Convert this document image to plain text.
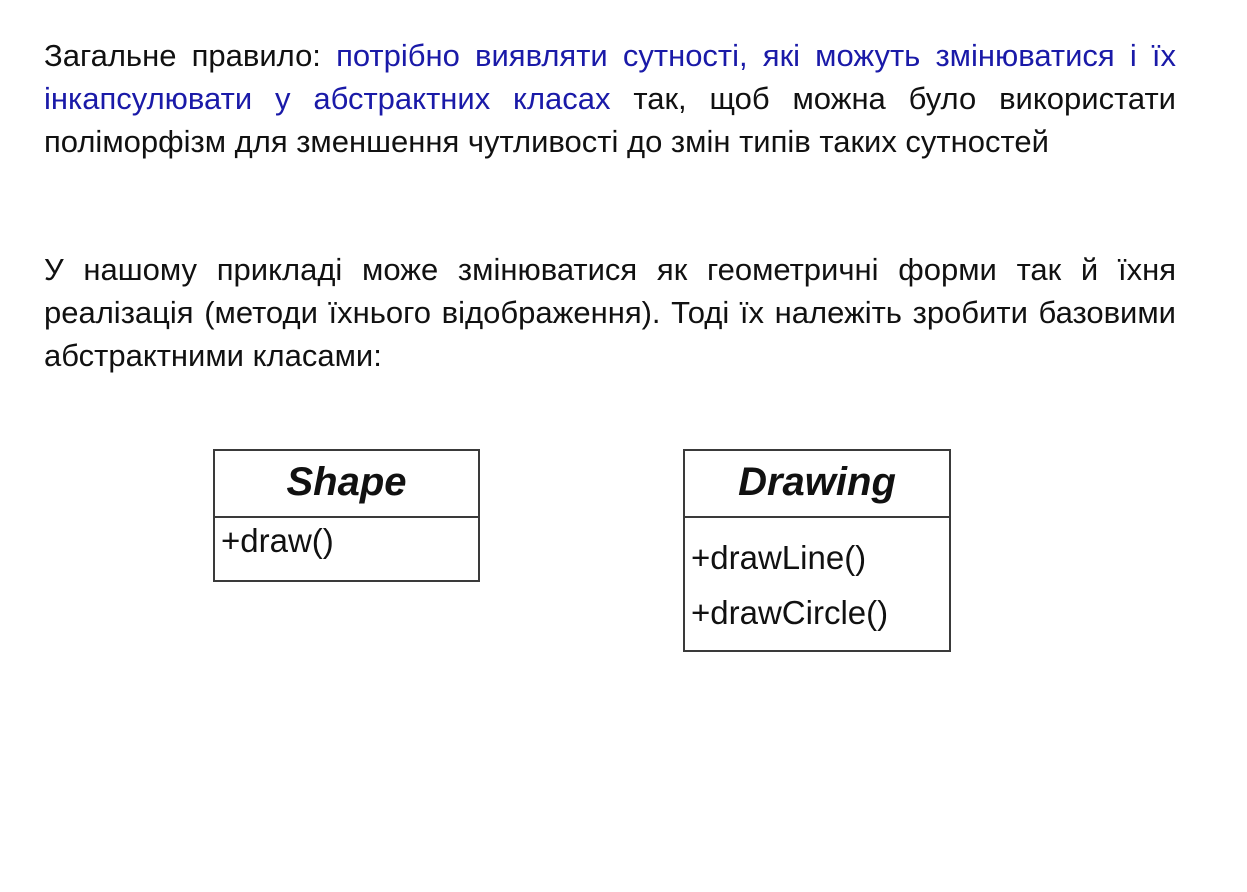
Загальне правило: потрібно виявляти сутності, які можуть змінюватися і їх інкапсулювати у абстрактних класах так, щоб можна було використати поліморфізм для зменшення чутливості до змін типів таких сутностей

У нашому прикладі може змінюватися як геометричні форми так й їхня реалізація (методи їхнього відображення). Тоді їх належіть зробити базовими абстрактними класами:

Shape
+draw()
Drawing
+drawLine()
+drawCircle()
